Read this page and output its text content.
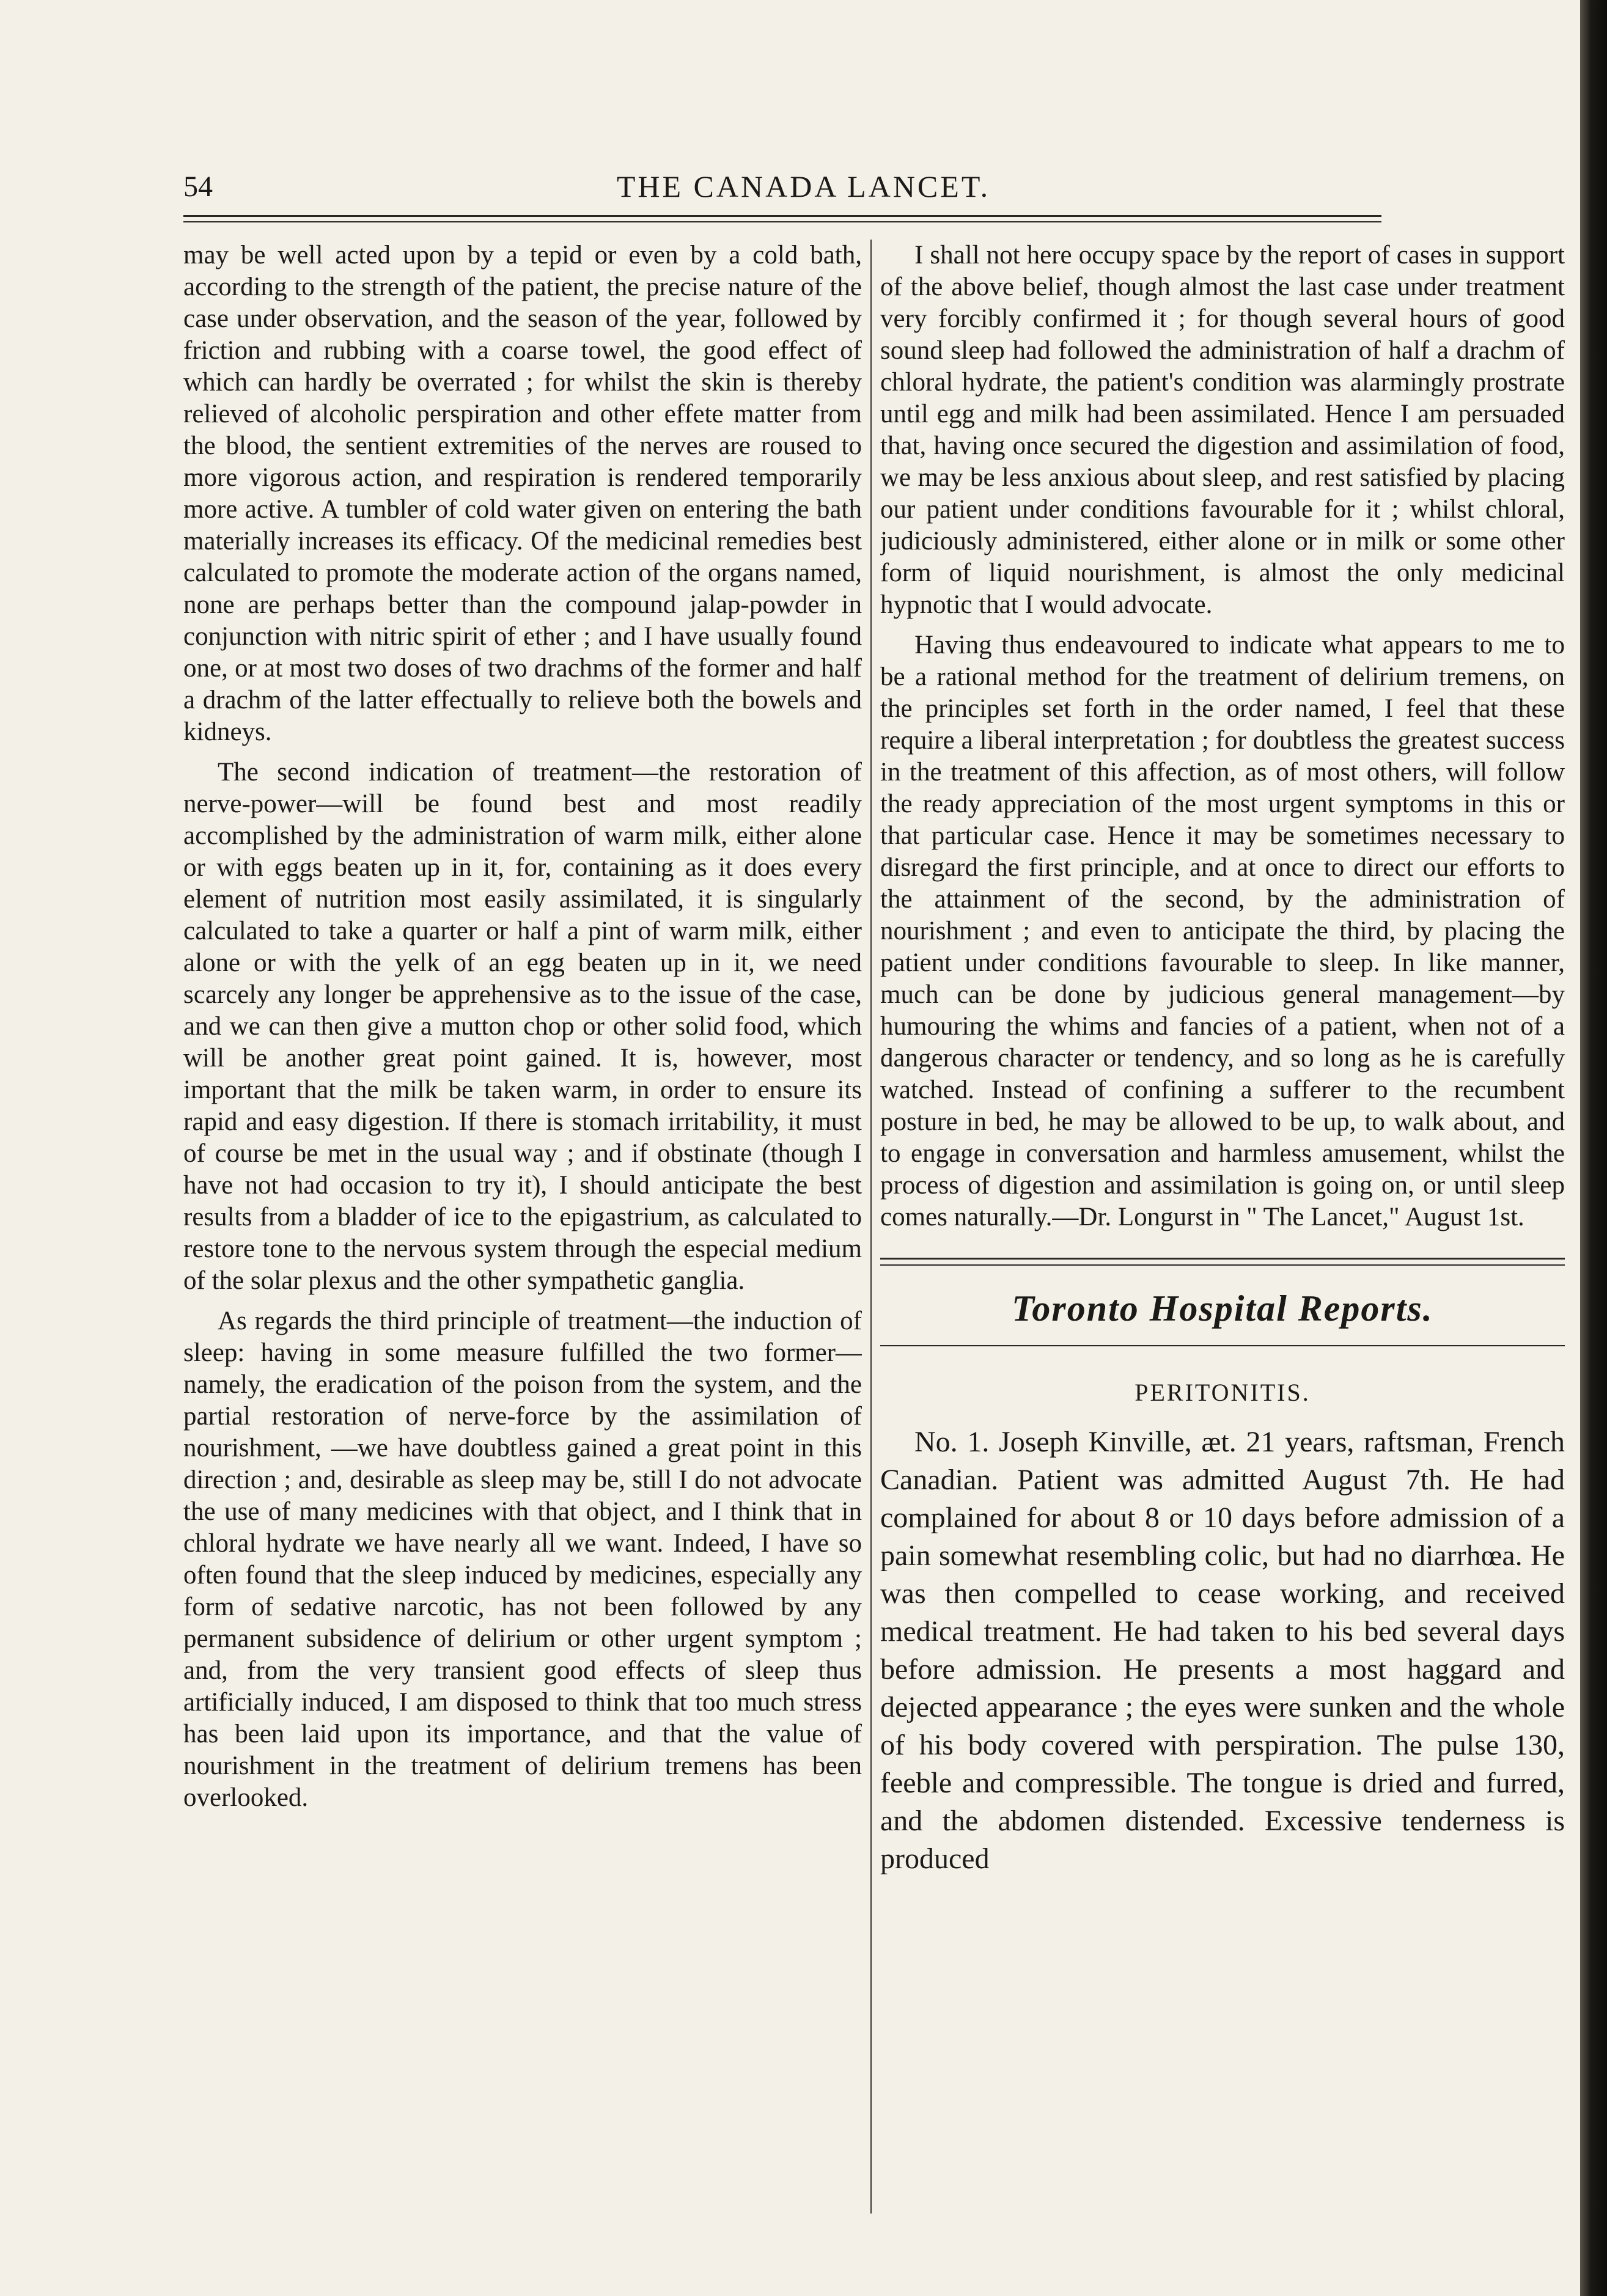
54	THE CANADA LANCET.

may be well acted upon by a tepid or even by a cold bath, according to the strength of the patient, the precise nature of the case under observation, and the season of the year, followed by friction and rubbing with a coarse towel, the good effect of which can hardly be overrated ; for whilst the skin is thereby relieved of alcoholic perspiration and other effete matter from the blood, the sentient extremities of the nerves are roused to more vigorous action, and respiration is rendered temporarily more active. A tumbler of cold water given on entering the bath materially increases its efficacy. Of the medicinal remedies best calculated to promote the moderate action of the organs named, none are perhaps better than the compound jalap-powder in conjunction with nitric spirit of ether ; and I have usually found one, or at most two doses of two drachms of the former and half a drachm of the latter effectually to relieve both the bowels and kidneys.

The second indication of treatment—the restoration of nerve-power—will be found best and most readily accomplished by the administration of warm milk, either alone or with eggs beaten up in it, for, containing as it does every element of nutrition most easily assimilated, it is singularly calculated to take a quarter or half a pint of warm milk, either alone or with the yelk of an egg beaten up in it, we need scarcely any longer be apprehensive as to the issue of the case, and we can then give a mutton chop or other solid food, which will be another great point gained. It is, however, most important that the milk be taken warm, in order to ensure its rapid and easy digestion. If there is stomach irritability, it must of course be met in the usual way ; and if obstinate (though I have not had occasion to try it), I should anticipate the best results from a bladder of ice to the epigastrium, as calculated to restore tone to the nervous system through the especial medium of the solar plexus and the other sympathetic ganglia.

As regards the third principle of treatment—the induction of sleep: having in some measure fulfilled the two former—namely, the eradication of the poison from the system, and the partial restoration of nerve-force by the assimilation of nourishment, —we have doubtless gained a great point in this direction ; and, desirable as sleep may be, still I do not advocate the use of many medicines with that object, and I think that in chloral hydrate we have nearly all we want. Indeed, I have so often found that the sleep induced by medicines, especially any form of sedative narcotic, has not been followed by any permanent subsidence of delirium or other urgent symptom ; and, from the very transient good effects of sleep thus artificially induced, I am disposed to think that too much stress has been laid upon its importance, and that the value of nourishment in the treatment of delirium tremens has been overlooked.

I shall not here occupy space by the report of cases in support of the above belief, though almost the last case under treatment very forcibly confirmed it ; for though several hours of good sound sleep had followed the administration of half a drachm of chloral hydrate, the patient's condition was alarmingly prostrate until egg and milk had been assimilated. Hence I am persuaded that, having once secured the digestion and assimilation of food, we may be less anxious about sleep, and rest satisfied by placing our patient under conditions favourable for it ; whilst chloral, judiciously administered, either alone or in milk or some other form of liquid nourishment, is almost the only medicinal hypnotic that I would advocate.

Having thus endeavoured to indicate what appears to me to be a rational method for the treatment of delirium tremens, on the principles set forth in the order named, I feel that these require a liberal interpretation ; for doubtless the greatest success in the treatment of this affection, as of most others, will follow the ready appreciation of the most urgent symptoms in this or that particular case. Hence it may be sometimes necessary to disregard the first principle, and at once to direct our efforts to the attainment of the second, by the administration of nourishment ; and even to anticipate the third, by placing the patient under conditions favourable to sleep. In like manner, much can be done by judicious general management—by humouring the whims and fancies of a patient, when not of a dangerous character or tendency, and so long as he is carefully watched. Instead of confining a sufferer to the recumbent posture in bed, he may be allowed to be up, to walk about, and to engage in conversation and harmless amusement, whilst the process of digestion and assimilation is going on, or until sleep comes naturally.—Dr. Longurst in " The Lancet," August 1st.

Toronto Hospital Reports.
PERITONITIS.

No. 1. Joseph Kinville, æt. 21 years, raftsman, French Canadian. Patient was admitted August 7th. He had complained for about 8 or 10 days before admission of a pain somewhat resembling colic, but had no diarrhœa. He was then compelled to cease working, and received medical treatment. He had taken to his bed several days before admission. He presents a most haggard and dejected appearance ; the eyes were sunken and the whole of his body covered with perspiration. The pulse 130, feeble and compressible. The tongue is dried and furred, and the abdomen distended. Excessive tenderness is produced
